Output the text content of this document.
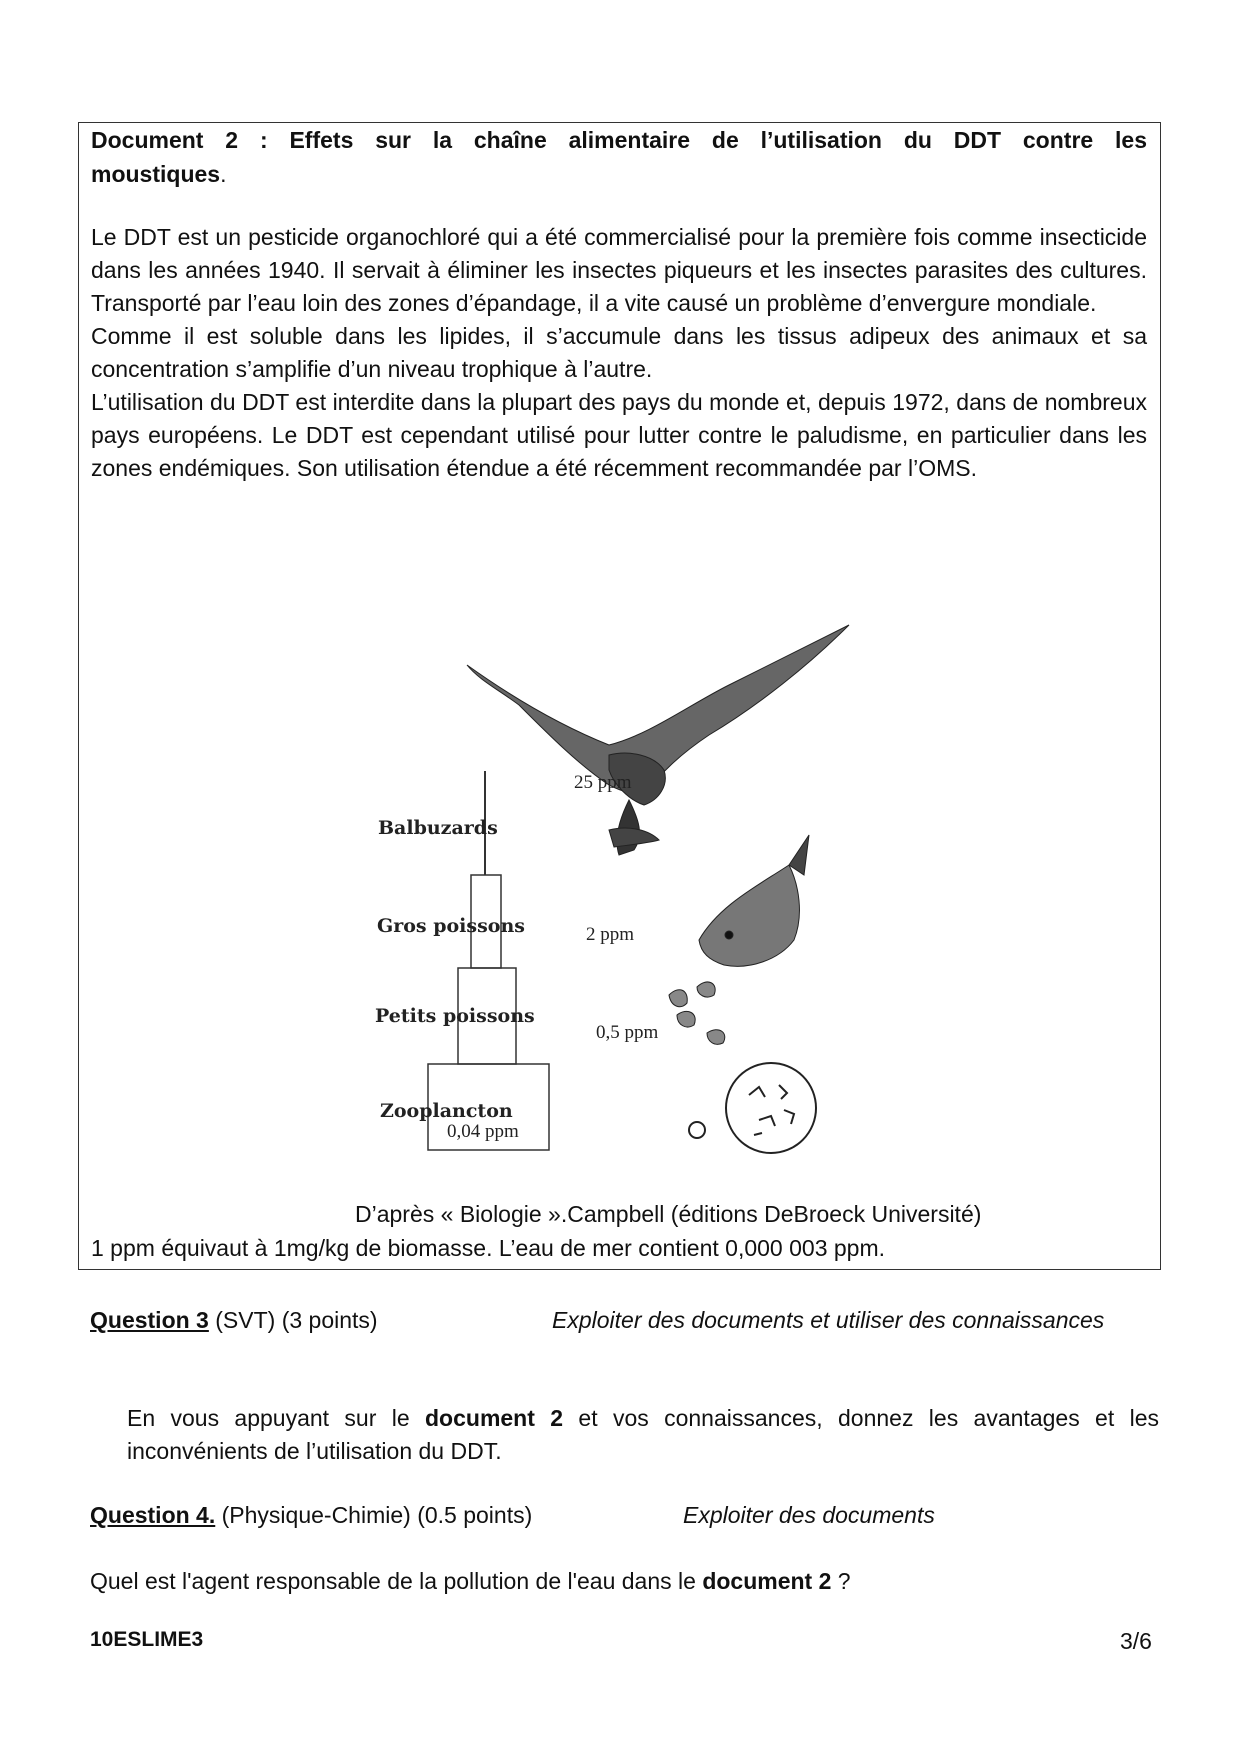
Document 2 : Effets sur la chaîne alimentaire de l’utilisation du DDT contre les
moustiques.

Le DDT est un pesticide organochloré qui a été commercialisé pour la première fois comme insecticide dans les années 1940. Il servait à éliminer les insectes piqueurs et les insectes parasites des cultures. Transporté par l’eau loin des zones d’épandage, il a vite causé un problème d’envergure mondiale.

Comme il est soluble dans les lipides, il s’accumule dans les tissus adipeux des animaux et sa concentration s’amplifie d’un niveau trophique à l’autre.

L’utilisation du DDT est interdite dans la plupart des pays du monde et, depuis 1972, dans de nombreux pays européens. Le DDT est cependant utilisé pour lutter contre le paludisme, en particulier dans les zones endémiques. Son utilisation étendue a été récemment recommandée par l’OMS.

Balbuzards
Gros poissons
Petits poissons
Zooplancton
25 ppm
2 ppm
0,5 ppm
0,04 ppm
D’après « Biologie ».Campbell (éditions DeBroeck Université)
1 ppm équivaut à 1mg/kg de biomasse. L’eau de mer contient 0,000 003 ppm.
Question 3 (SVT) (3 points)	Exploiter des documents et utiliser des connaissances
En vous appuyant sur le document 2 et vos connaissances, donnez les avantages et les inconvénients de l’utilisation du DDT.
Question 4. (Physique-Chimie) (0.5 points)	Exploiter des documents
Quel est l'agent responsable de la pollution de l'eau dans le document 2 ?
10ESLIME3	3/6
